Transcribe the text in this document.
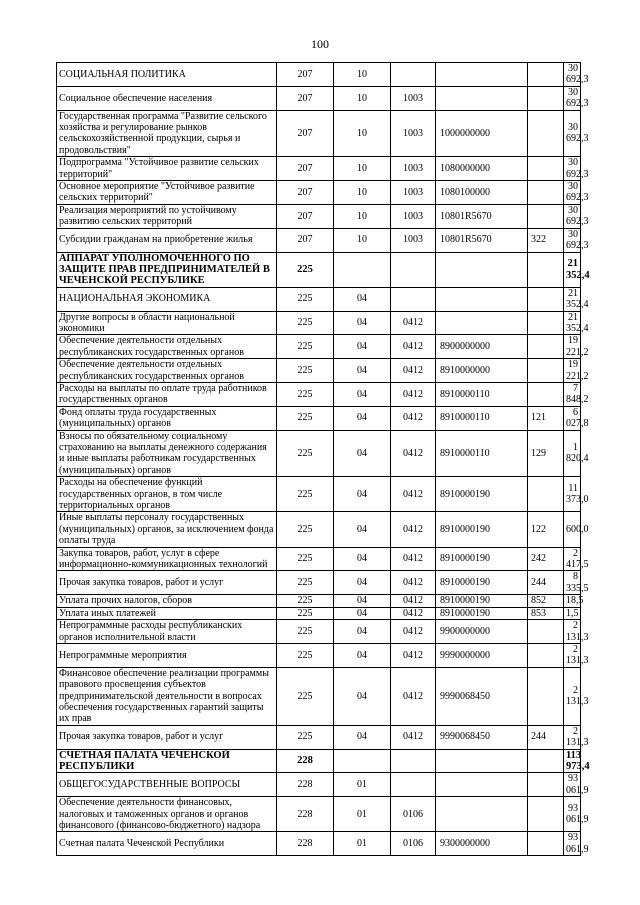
100
СОЦИАЛЬНАЯ ПОЛИТИКА	207	10				30 692,3
Социальное обеспечение населения	207	10	1003			30 692,3
Государственная программа "Развитие сельского хозяйства и регулирование рынков сельскохозяйственной продукции, сырья и продовольствия"	207	10	1003	1000000000		30 692,3
Подпрограмма "Устойчивое развитие сельских территорий"	207	10	1003	1080000000		30 692,3
Основное мероприятие "Устойчивое развитие сельских территорий"	207	10	1003	1080100000		30 692,3
Реализация мероприятий по устойчивому развитию сельских территорий	207	10	1003	10801R5670		30 692,3
Субсидии гражданам на приобретение жилья	207	10	1003	10801R5670	322	30 692,3
АППАРАТ УПОЛНОМОЧЕННОГО ПО ЗАЩИТЕ ПРАВ ПРЕДПРИНИМАТЕЛЕЙ В ЧЕЧЕНСКОЙ РЕСПУБЛИКЕ	225					21 352,4
НАЦИОНАЛЬНАЯ ЭКОНОМИКА	225	04				21 352,4
Другие вопросы в области национальной экономики	225	04	0412			21 352,4
Обеспечение деятельности отдельных республиканских государственных органов	225	04	0412	8900000000		19 221,2
Обеспечение деятельности отдельных республиканских государственных органов	225	04	0412	8910000000		19 221,2
Расходы на выплаты по оплате труда работников государственных органов	225	04	0412	8910000110		7 848,2
Фонд оплаты труда государственных (муниципальных) органов	225	04	0412	8910000110	121	6 027,8
Взносы по обязательному социальному страхованию на выплаты денежного содержания и иные выплаты работникам государственных (муниципальных) органов	225	04	0412	8910000110	129	1 820,4
Расходы на обеспечение функций государственных органов, в том числе территориальных органов	225	04	0412	8910000190		11 373,0
Иные выплаты персоналу государственных (муниципальных) органов, за исключением фонда оплаты труда	225	04	0412	8910000190	122	600,0
Закупка товаров, работ, услуг в сфере информационно-коммуникационных технологий	225	04	0412	8910000190	242	2 417,5
Прочая закупка товаров, работ и услуг	225	04	0412	8910000190	244	8 335,5
Уплата прочих налогов, сборов	225	04	0412	8910000190	852	18,5
Уплата иных платежей	225	04	0412	8910000190	853	1,5
Непрограммные расходы республиканских органов исполнительной власти	225	04	0412	9900000000		2 131,3
Непрограммные мероприятия	225	04	0412	9990000000		2 131,3
Финансовое обеспечение реализации программы правового просвещения субъектов предпринимательской деятельности в вопросах обеспечения государственных гарантий защиты их прав	225	04	0412	9990068450		2 131,3
Прочая закупка товаров, работ и услуг	225	04	0412	9990068450	244	2 131,3
СЧЕТНАЯ ПАЛАТА ЧЕЧЕНСКОЙ РЕСПУБЛИКИ	228					113 973,4
ОБЩЕГОСУДАРСТВЕННЫЕ ВОПРОСЫ	228	01				93 061,9
Обеспечение деятельности финансовых, налоговых и таможенных органов и органов финансового (финансово-бюджетного) надзора	228	01	0106			93 061,9
Счетная палата Чеченской Республики	228	01	0106	9300000000		93 061,9
